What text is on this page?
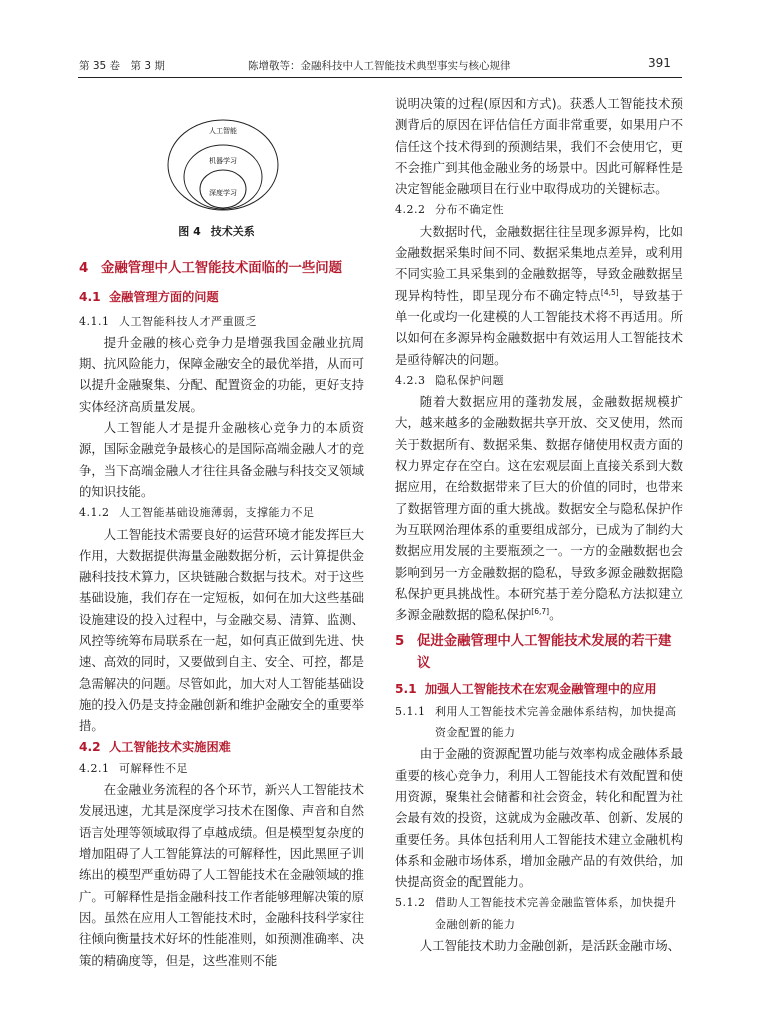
第 35 卷　第 3 期	陈增敬等：金融科技中人工智能技术典型事实与核心规律	391
人工智能
机器学习
深度学习
图 4 技术关系
4 金融管理中人工智能技术面临的一些问题
4.1 金融管理方面的问题
4.1.1 人工智能科技人才严重匮乏

提升金融的核心竞争力是增强我国金融业抗周期、抗风险能力，保障金融安全的最优举措，从而可以提升金融聚集、分配、配置资金的功能，更好支持实体经济高质量发展。

人工智能人才是提升金融核心竞争力的本质资源，国际金融竞争最核心的是国际高端金融人才的竞争，当下高端金融人才往往具备金融与科技交叉领域的知识技能。

4.1.2 人工智能基础设施薄弱，支撑能力不足

人工智能技术需要良好的运营环境才能发挥巨大作用，大数据提供海量金融数据分析，云计算提供金融科技技术算力，区块链融合数据与技术。对于这些基础设施，我们存在一定短板，如何在加大这些基础设施建设的投入过程中，与金融交易、清算、监测、风控等统筹布局联系在一起，如何真正做到先进、快速、高效的同时，又要做到自主、安全、可控，都是急需解决的问题。尽管如此，加大对人工智能基础设施的投入仍是支持金融创新和维护金融安全的重要举措。

4.2 人工智能技术实施困难
4.2.1 可解释性不足

在金融业务流程的各个环节，新兴人工智能技术发展迅速，尤其是深度学习技术在图像、声音和自然语言处理等领域取得了卓越成绩。但是模型复杂度的增加阻碍了人工智能算法的可解释性，因此黑匣子训练出的模型严重妨碍了人工智能技术在金融领域的推广。可解释性是指金融科技工作者能够理解决策的原因。虽然在应用人工智能技术时，金融科技科学家往往倾向衡量技术好坏的性能准则，如预测准确率、决策的精确度等，但是，这些准则不能

说明决策的过程(原因和方式)。获悉人工智能技术预测背后的原因在评估信任方面非常重要，如果用户不信任这个技术得到的预测结果，我们不会使用它，更不会推广到其他金融业务的场景中。因此可解释性是决定智能金融项目在行业中取得成功的关键标志。

4.2.2 分布不确定性

大数据时代，金融数据往往呈现多源异构，比如金融数据采集时间不同、数据采集地点差异，或利用不同实验工具采集到的金融数据等，导致金融数据呈现异构特性，即呈现分布不确定特点[4,5]，导致基于单一化或均一化建模的人工智能技术将不再适用。所以如何在多源异构金融数据中有效运用人工智能技术是亟待解决的问题。

4.2.3 隐私保护问题

随着大数据应用的蓬勃发展，金融数据规模扩大，越来越多的金融数据共享开放、交叉使用，然而关于数据所有、数据采集、数据存储使用权责方面的权力界定存在空白。这在宏观层面上直接关系到大数据应用，在给数据带来了巨大的价值的同时，也带来了数据管理方面的重大挑战。数据安全与隐私保护作为互联网治理体系的重要组成部分，已成为了制约大数据应用发展的主要瓶颈之一。一方的金融数据也会影响到另一方金融数据的隐私，导致多源金融数据隐私保护更具挑战性。本研究基于差分隐私方法拟建立多源金融数据的隐私保护[6,7]。

5 促进金融管理中人工智能技术发展的若干建议
5.1 加强人工智能技术在宏观金融管理中的应用
5.1.1 利用人工智能技术完善金融体系结构，加快提高资金配置的能力

由于金融的资源配置功能与效率构成金融体系最重要的核心竞争力，利用人工智能技术有效配置和使用资源，聚集社会储蓄和社会资金，转化和配置为社会最有效的投资，这就成为金融改革、创新、发展的重要任务。具体包括利用人工智能技术建立金融机构体系和金融市场体系，增加金融产品的有效供给，加快提高资金的配置能力。

5.1.2 借助人工智能技术完善金融监管体系，加快提升金融创新的能力

人工智能技术助力金融创新，是活跃金融市场、
